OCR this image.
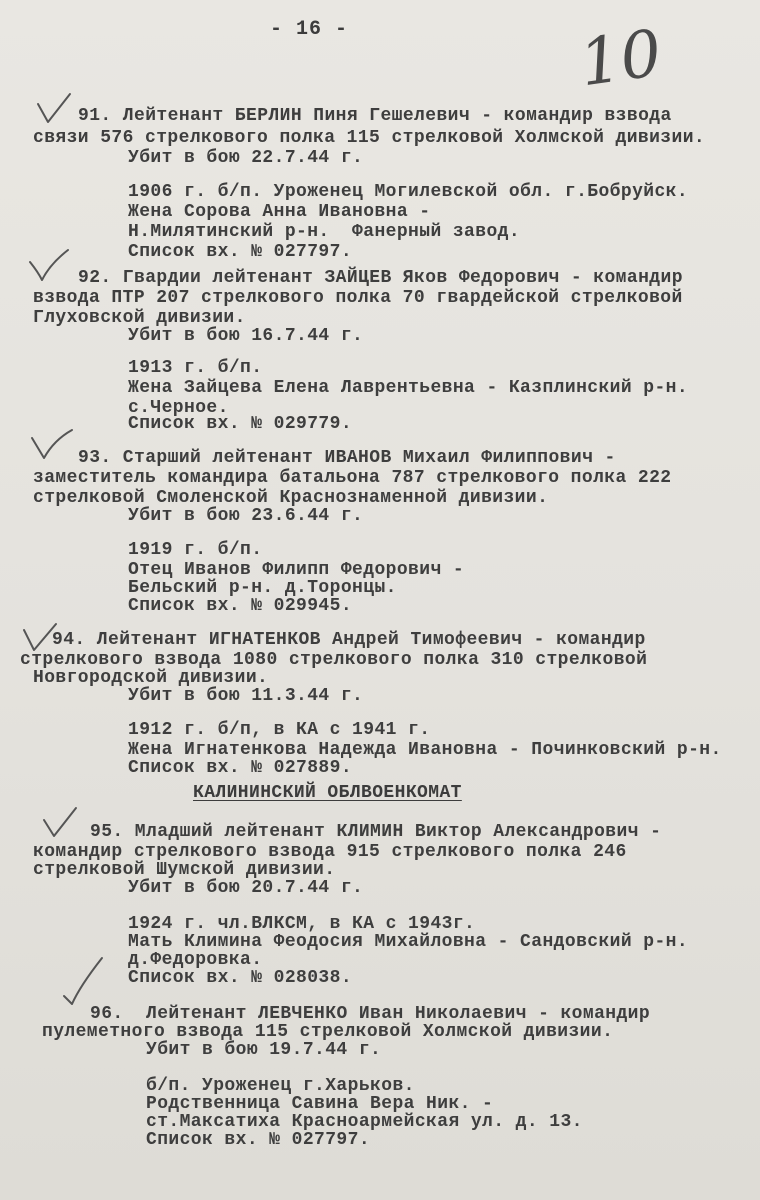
- 16 -	10
91. Лейтенант БЕРЛИН Пиня Гешелевич - командир взвода
связи 576 стрелкового полка 115 стрелковой Холмской дивизии.
Убит в бою 22.7.44 г.
1906 г. б/п. Уроженец Могилевской обл. г.Бобруйск.
Жена Сорова Анна Ивановна -
Н.Милятинский р-н.  Фанерный завод.
Список вх. № 027797.
92. Гвардии лейтенант ЗАЙЦЕВ Яков Федорович - командир
взвода ПТР 207 стрелкового полка 70 гвардейской стрелковой
Глуховской дивизии.
Убит в бою 16.7.44 г.
1913 г. б/п.
Жена Зайцева Елена Лаврентьевна - Казплинский р-н.
с.Черное.
Список вх. № 029779.
93. Старший лейтенант ИВАНОВ Михаил Филиппович -
заместитель командира батальона 787 стрелкового полка 222
стрелковой Смоленской Краснознаменной дивизии.
Убит в бою 23.6.44 г.
1919 г. б/п.
Отец Иванов Филипп Федорович -
Бельский р-н. д.Торонцы.
Список вх. № 029945.
94. Лейтенант ИГНАТЕНКОВ Андрей Тимофеевич - командир
стрелкового взвода 1080 стрелкового полка 310 стрелковой
Новгородской дивизии.
Убит в бою 11.3.44 г.
1912 г. б/п, в КА с 1941 г.
Жена Игнатенкова Надежда Ивановна - Починковский р-н.
Список вх. № 027889.
КАЛИНИНСКИЙ ОБЛВОЕНКОМАТ
95. Младший лейтенант КЛИМИН Виктор Александрович -
командир стрелкового взвода 915 стрелкового полка 246
стрелковой Шумской дивизии.
Убит в бою 20.7.44 г.
1924 г. чл.ВЛКСМ, в КА с 1943г.
Мать Климина Феодосия Михайловна - Сандовский р-н.
д.Федоровка.
Список вх. № 028038.
96.  Лейтенант ЛЕВЧЕНКО Иван Николаевич - командир
пулеметного взвода 115 стрелковой Холмской дивизии.
Убит в бою 19.7.44 г.
б/п. Уроженец г.Харьков.
Родственница Савина Вера Ник. -
ст.Максатиха Красноармейская ул. д. 13.
Список вх. № 027797.
